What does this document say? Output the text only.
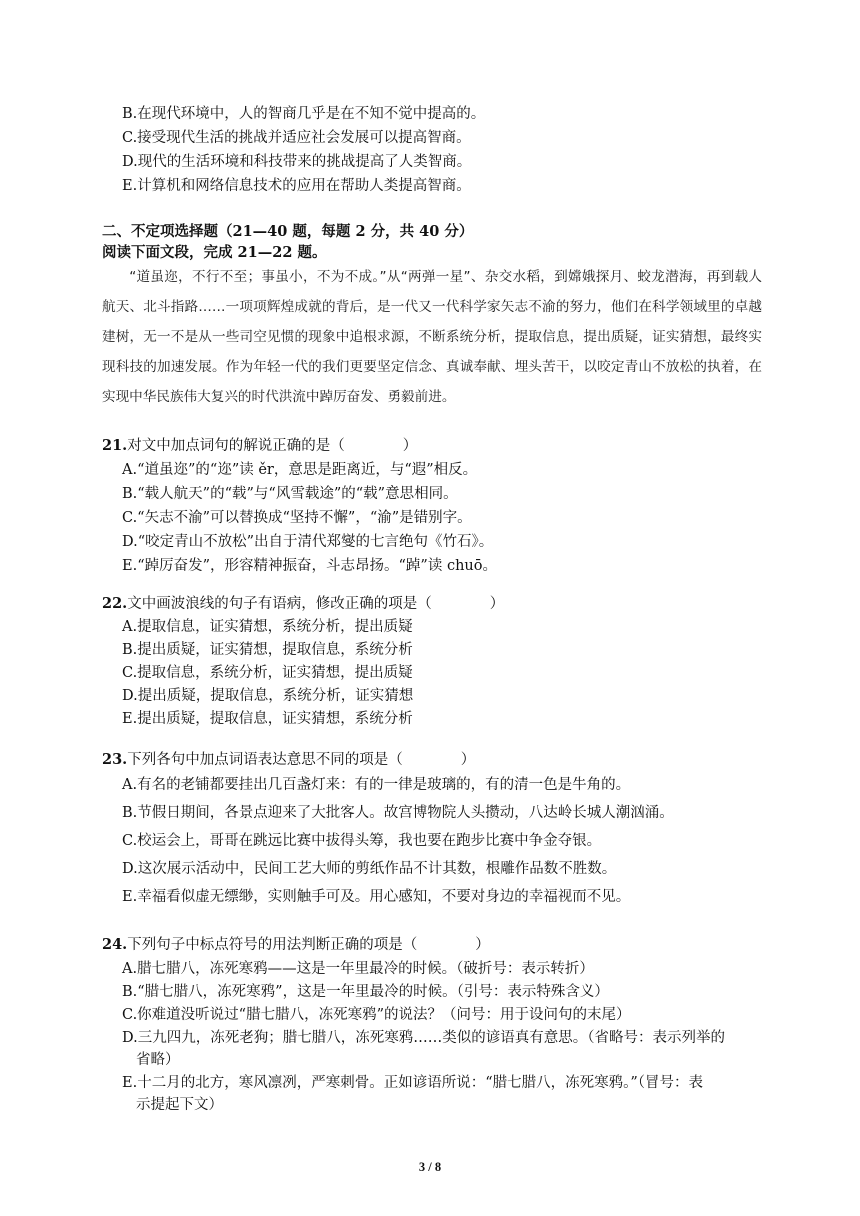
B.在现代环境中，人的智商几乎是在不知不觉中提高的。
C.接受现代生活的挑战并适应社会发展可以提高智商。
D.现代的生活环境和科技带来的挑战提高了人类智商。
E.计算机和网络信息技术的应用在帮助人类提高智商。
二、不定项选择题（21—40 题，每题 2 分，共 40 分）
阅读下面文段，完成 21—22 题。
“道虽迩，不行不至；事虽小，不为不成。”从“两弹一星”、杂交水稻，到嫦娥探月、蛟龙潜海，再到载人航天、北斗指路……一项项辉煌成就的背后，是一代又一代科学家矢志不渝的努力，他们在科学领域里的卓越建树，无一不是从一些司空见惯的现象中追根求源，不断系统分析，提取信息，提出质疑，证实猜想，最终实现科技的加速发展。作为年轻一代的我们更要坚定信念、真诚奉献、埋头苦干，以咬定青山不放松的执着，在实现中华民族伟大复兴的时代洪流中踔厉奋发、勇毅前进。
21.对文中加点词句的解说正确的是（　　　　）
A.“道虽迩”的“迩”读 ěr，意思是距离近，与“遐”相反。
B.“载人航天”的“载”与“风雪载途”的“载”意思相同。
C.“矢志不渝”可以替换成“坚持不懈”，“渝”是错别字。
D.“咬定青山不放松”出自于清代郑燮的七言绝句《竹石》。
E.“踔厉奋发”，形容精神振奋，斗志昂扬。“踔”读 chuō。
22.文中画波浪线的句子有语病，修改正确的项是（　　　　）
A.提取信息，证实猜想，系统分析，提出质疑
B.提出质疑，证实猜想，提取信息，系统分析
C.提取信息，系统分析，证实猜想，提出质疑
D.提出质疑，提取信息，系统分析，证实猜想
E.提出质疑，提取信息，证实猜想，系统分析
23.下列各句中加点词语表达意思不同的项是（　　　　）
A.有名的老铺都要挂出几百盏灯来：有的一律是玻璃的，有的清一色是牛角的。
B.节假日期间，各景点迎来了大批客人。故宫博物院人头攒动，八达岭长城人潮汹涌。
C.校运会上，哥哥在跳远比赛中拔得头筹，我也要在跑步比赛中争金夺银。
D.这次展示活动中，民间工艺大师的剪纸作品不计其数，根雕作品数不胜数。
E.幸福看似虚无缥缈，实则触手可及。用心感知，不要对身边的幸福视而不见。
24.下列句子中标点符号的用法判断正确的项是（　　　　）
A.腊七腊八，冻死寒鸦——这是一年里最冷的时候。（破折号：表示转折）
B.“腊七腊八，冻死寒鸦”，这是一年里最冷的时候。（引号：表示特殊含义）
C.你难道没听说过“腊七腊八，冻死寒鸦”的说法？（问号：用于设问句的末尾）
D.三九四九，冻死老狗；腊七腊八，冻死寒鸦……类似的谚语真有意思。（省略号：表示列举的
省略）
E.十二月的北方，寒风凛冽，严寒刺骨。正如谚语所说：“腊七腊八，冻死寒鸦。”（冒号：表
示提起下文）
3 / 8
